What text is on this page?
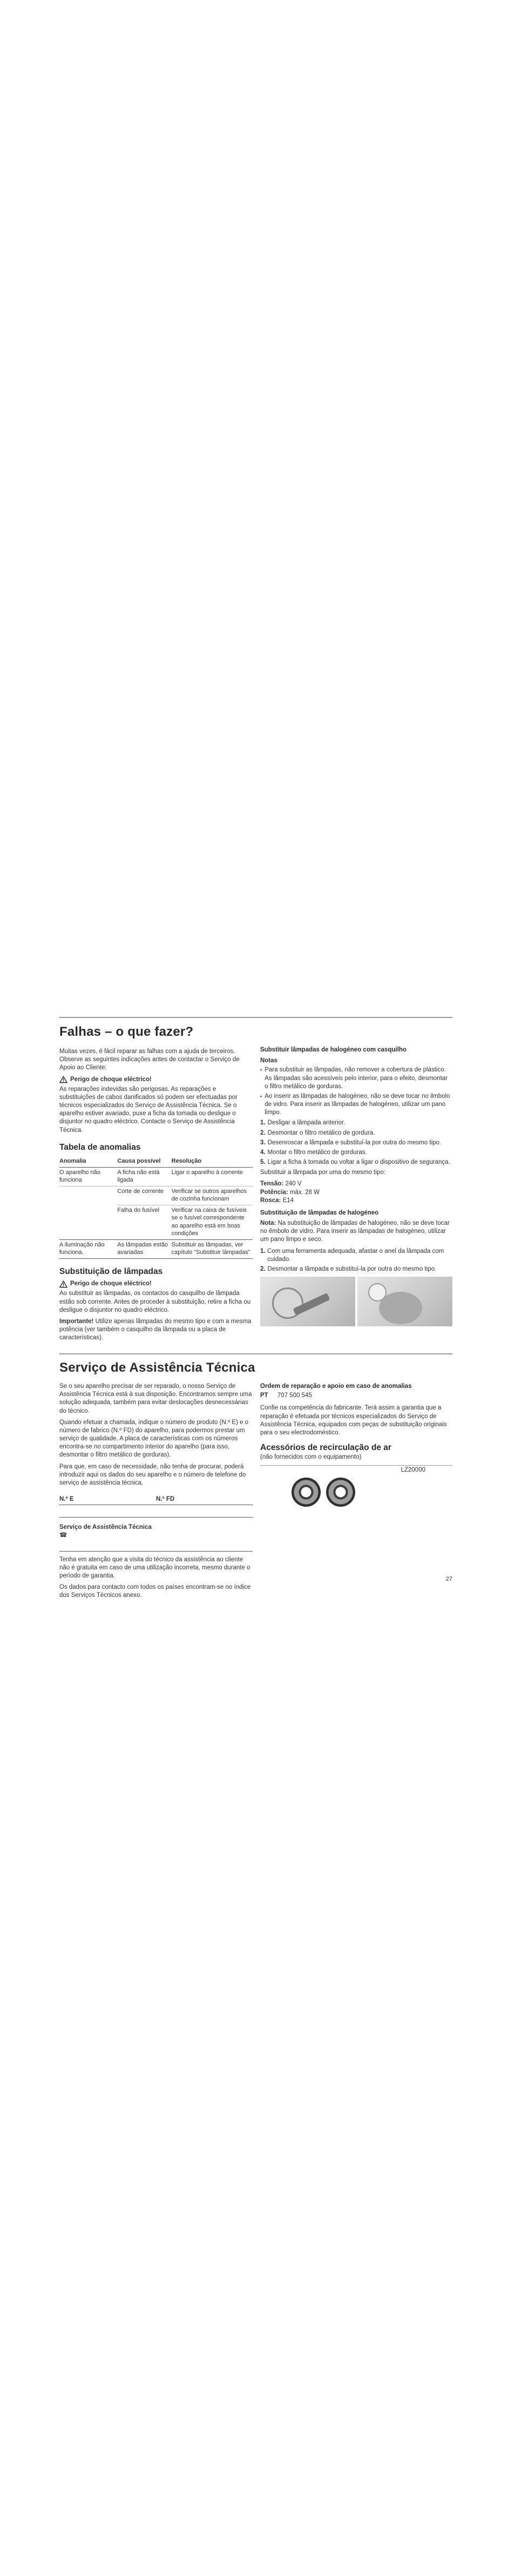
Falhas – o que fazer?

Muitas vezes, é fácil reparar as falhas com a ajuda de terceiros. Observe as seguintes indicações antes de contactar o Serviço de Apoio ao Cliente:

Perigo de choque eléctrico!

As reparações indevidas são perigosas. As reparações e substituições de cabos danificados só podem ser efectuadas por técnicos especializados do Serviço de Assistência Técnica. Se o aparelho estiver avariado, puxe a ficha da tomada ou desligue o disjuntor no quadro eléctrico. Contacte o Serviço de Assistência Técnica.

Tabela de anomalias
Anomalia	Causa possível	Resolução
O aparelho não funciona	A ficha não está ligada	Ligar o aparelho à corrente
	Corte de corrente	Verificar se outros aparelhos de cozinha funcionam
	Falha do fusível	Verificar na caixa de fusíveis se o fusível correspondente ao aparelho está em boas condições
A iluminação não funciona.	As lâmpadas estão avariadas	Substituir as lâmpadas, ver capítulo "Substituir lâmpadas"
Substituição de lâmpadas
Perigo de choque eléctrico!

Ao substituir as lâmpadas, os contactos do casquilho de lâmpada estão sob corrente. Antes de proceder à substituição, retire a ficha ou desligue o disjuntor no quadro eléctrico.

Importante! Utilize apenas lâmpadas do mesmo tipo e com a mesma potência (ver também o casquilho da lâmpada ou a placa de características).

Substituir lâmpadas de halogéneo com casquilho
Notas
▪ Para substituir as lâmpadas, não remover a cobertura de plástico. As lâmpadas são acessíveis pelo interior, para o efeito, desmontar o filtro metálico de gorduras.
▪ Ao inserir as lâmpadas de halogéneo, não se deve tocar no ilmbolo de vidro. Para inserir as lâmpadas de halogéneo, utilizar um pano limpo.
1. Desligar a lâmpada anterior.
2. Desmontar o filtro metálico de gordura.
3. Desenroscar a lâmpada e substituí-la por outra do mesmo tipo.
4. Montar o filtro metálico de gorduras.
5. Ligar a ficha à tomada ou voltar a ligar o dispositivo de segurança.

Substituir a lâmpada por uma do mesmo tipo:

Tensão: 240 V
Potência: máx. 28 W
Rosca: E14
Substituição de lâmpadas de halogéneo

Nota: Na substituição de lâmpadas de halogéneo, não se deve tocar no êmbolo de vidro. Para inserir as lâmpadas de halogéneo, utilizar um pano limpo e seco.

1. Com uma ferramenta adequada, afastar o anel da lâmpada com cuidado.
2. Desmontar a lâmpada e substituí-la por outra do mesmo tipo.
Serviço de Assistência Técnica

Se o seu aparelho precisar de ser reparado, o nosso Serviço de Assistência Técnica está à sua disposição. Encontramos sempre uma solução adequada, também para evitar deslocações desnecessárias do técnico.

Quando efetuar a chamada, indique o número de produto (N.º E) e o número de fabrico (N.º FD) do aparelho, para podermos prestar um serviço de qualidade. A placa de características com os números encontra-se no compartimento interior do aparelho (para isso, desmontar o filtro metálico de gorduras).

Para que, em caso de necessidade, não tenha de procurar, poderá introduzir aqui os dados do seu aparelho e o número de telefone do serviço de assistência técnica.

N.º E	N.º FD
Serviço de Assistência Técnica ☎

Tenha em atenção que a visita do técnico da assistência ao cliente não é gratuita em caso de uma utilização incorreta, mesmo durante o período de garantia.

Os dados para contacto com todos os países encontram-se no índice dos Serviços Técnicos anexo.

Ordem de reparação e apoio em caso de anomalias
PT 707 500 545

Confie na competência do fabricante. Terá assim a garantia que a reparação é efetuada por técnicos especializados do Serviço de Assistência Técnica, equipados com peças de substituição originais para o seu electrodoméstico.

Acessórios de recirculação de ar

(não fornecidos com o equipamento)

LZ20000
27
